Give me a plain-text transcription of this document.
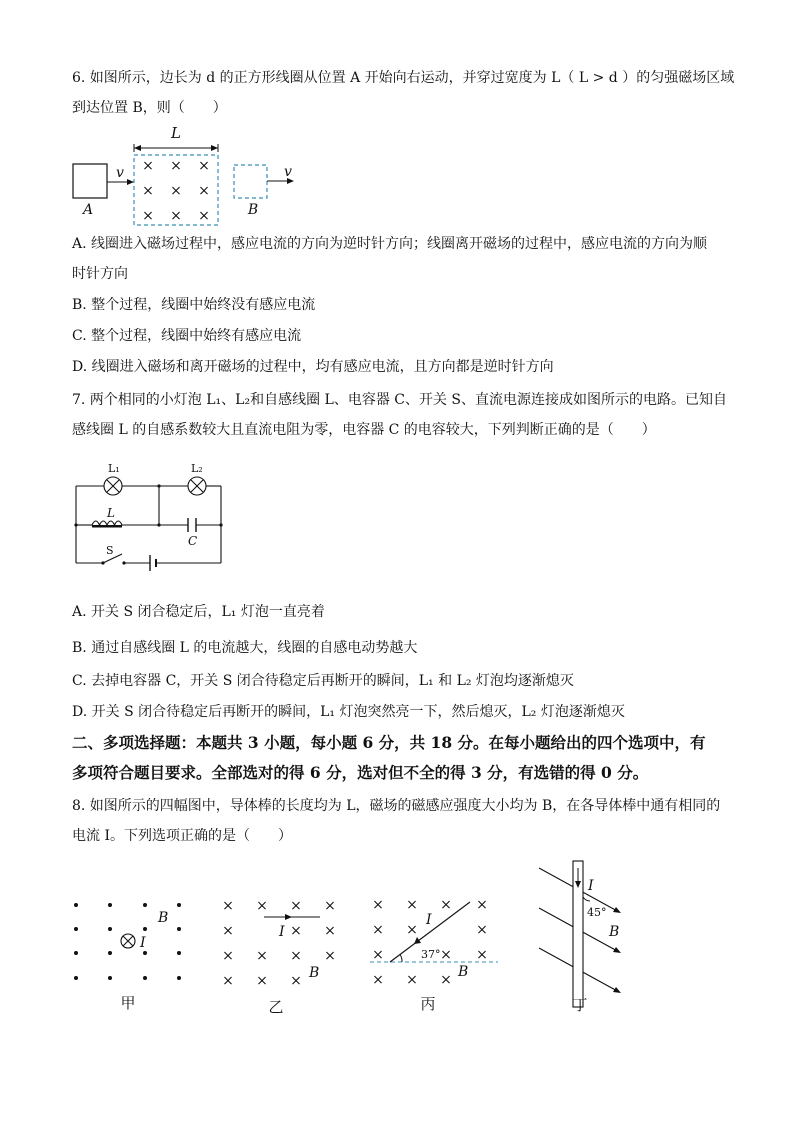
6. 如图所示，边长为 d 的正方形线圈从位置 A 开始向右运动，并穿过宽度为 L（ L > d ）的匀强磁场区域
到达位置 B，则（　　）
L
× × ×
× × ×
× × ×
v
A
v
B
A. 线圈进入磁场过程中，感应电流的方向为逆时针方向；线圈离开磁场的过程中，感应电流的方向为顺
时针方向
B. 整个过程，线圈中始终没有感应电流
C. 整个过程，线圈中始终有感应电流
D. 线圈进入磁场和离开磁场的过程中，均有感应电流，且方向都是逆时针方向
7. 两个相同的小灯泡 L₁、L₂和自感线圈 L、电容器 C、开关 S、直流电源连接成如图所示的电路。已知自
感线圈 L 的自感系数较大且直流电阻为零，电容器 C 的电容较大，下列判断正确的是（　　）
L₁	L₂
L
C
S
A. 开关 S 闭合稳定后，L₁ 灯泡一直亮着
B. 通过自感线圈 L 的电流越大，线圈的自感电动势越大
C. 去掉电容器 C，开关 S 闭合待稳定后再断开的瞬间，L₁ 和 L₂ 灯泡均逐渐熄灭
D. 开关 S 闭合待稳定后再断开的瞬间，L₁ 灯泡突然亮一下，然后熄灭，L₂ 灯泡逐渐熄灭
二、多项选择题：本题共 3 小题，每小题 6 分，共 18 分。在每小题给出的四个选项中，有
多项符合题目要求。全部选对的得 6 分，选对但不全的得 3 分，有选错的得 0 分。
8. 如图所示的四幅图中，导体棒的长度均为 L，磁场的磁感应强度大小均为 B，在各导体棒中通有相同的
电流 I。下列选项正确的是（　　）
B
I
甲
× × × ×
×	× ×
× × × ×
× × ×
I
B
乙
× × × ×
× ×	×
×	× ×
× × ×
I
37°
B
丙
I
45°
B
丁
